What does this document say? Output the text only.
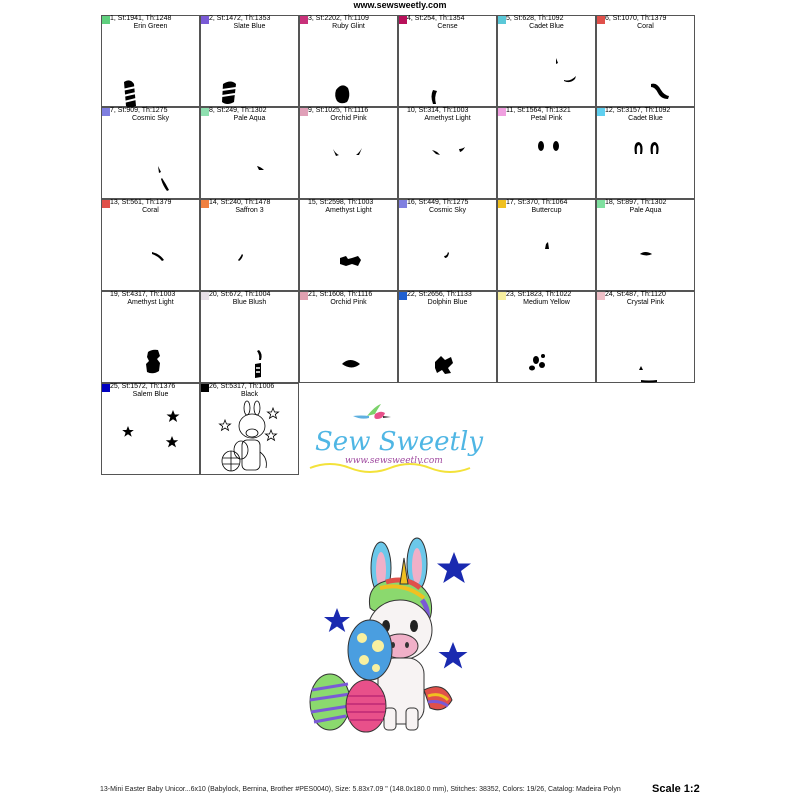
www.sewsweetly.com
1, St:1941, Th:1248
Erin Green
2, St:1472, Th:1353
Slate Blue
3, St:2202, Th:1109
Ruby Glint
4, St:254, Th:1354
Cense
5, St:628, Th:1092
Cadet Blue
6, St:1070, Th:1379
Coral
7, St:909, Th:1275
Cosmic Sky
8, St:249, Th:1302
Pale Aqua
9, St:1025, Th:1116
Orchid Pink
10, St:314, Th:1003
Amethyst Light
11, St:1564, Th:1321
Petal Pink
12, St:3157, Th:1092
Cadet Blue
13, St:561, Th:1379
Coral
14, St:240, Th:1478
Saffron 3
15, St:2598, Th:1003
Amethyst Light
16, St:449, Th:1275
Cosmic Sky
17, St:370, Th:1064
Buttercup
18, St:897, Th:1302
Pale Aqua
19, St:4317, Th:1003
Amethyst Light
20, St:672, Th:1004
Blue Blush
21, St:1608, Th:1116
Orchid Pink
22, St:2656, Th:1133
Dolphin Blue
23, St:1823, Th:1022
Medium Yellow
24, St:487, Th:1120
Crystal Pink
25, St:1572, Th:1376
Salem Blue
26, St:5317, Th:1006
Black
Sew Sweetly
www.sewsweetly.com
13-Mini Easter Baby Unicor...6x10 (Babylock, Bernina, Brother #PES0040), Size: 5.83x7.09 " (148.0x180.0 mm), Stitches: 38352, Colors: 19/26, Catalog: Madeira Polyn	Scale 1:2
